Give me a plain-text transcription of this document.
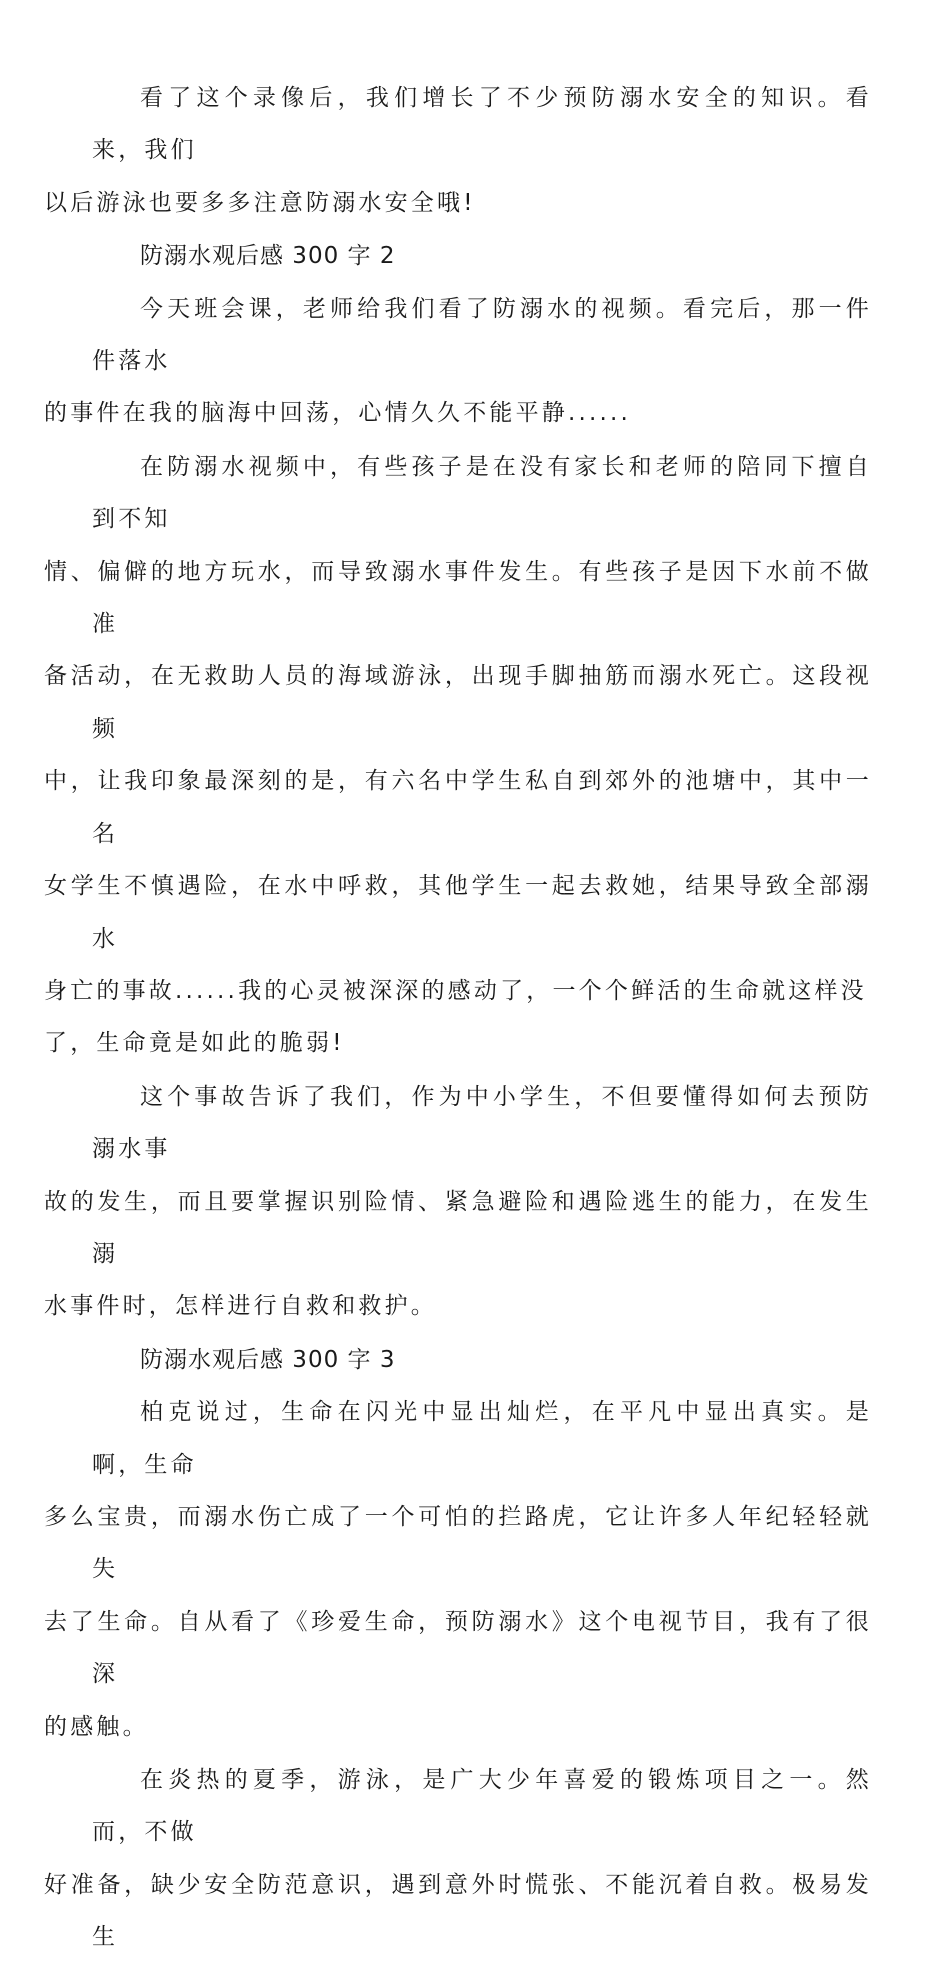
看了这个录像后，我们增长了不少预防溺水安全的知识。看来，我们
以后游泳也要多多注意防溺水安全哦!

防溺水观后感 300 字 2

今天班会课，老师给我们看了防溺水的视频。看完后，那一件件落水
的事件在我的脑海中回荡，心情久久不能平静......

在防溺水视频中，有些孩子是在没有家长和老师的陪同下擅自到不知
情、偏僻的地方玩水，而导致溺水事件发生。有些孩子是因下水前不做准
备活动，在无救助人员的海域游泳，出现手脚抽筋而溺水死亡。这段视频
中，让我印象最深刻的是，有六名中学生私自到郊外的池塘中，其中一名
女学生不慎遇险，在水中呼救，其他学生一起去救她，结果导致全部溺水
身亡的事故......我的心灵被深深的感动了，一个个鲜活的生命就这样没
了，生命竟是如此的脆弱!

这个事故告诉了我们，作为中小学生，不但要懂得如何去预防溺水事
故的发生，而且要掌握识别险情、紧急避险和遇险逃生的能力，在发生溺
水事件时，怎样进行自救和救护。

防溺水观后感 300 字 3

柏克说过，生命在闪光中显出灿烂，在平凡中显出真实。是啊，生命
多么宝贵，而溺水伤亡成了一个可怕的拦路虎，它让许多人年纪轻轻就失
去了生命。自从看了《珍爱生命，预防溺水》这个电视节目，我有了很深
的感触。

在炎热的夏季，游泳，是广大少年喜爱的锻炼项目之一。然而，不做
好准备，缺少安全防范意识，遇到意外时慌张、不能沉着自救。极易发生
